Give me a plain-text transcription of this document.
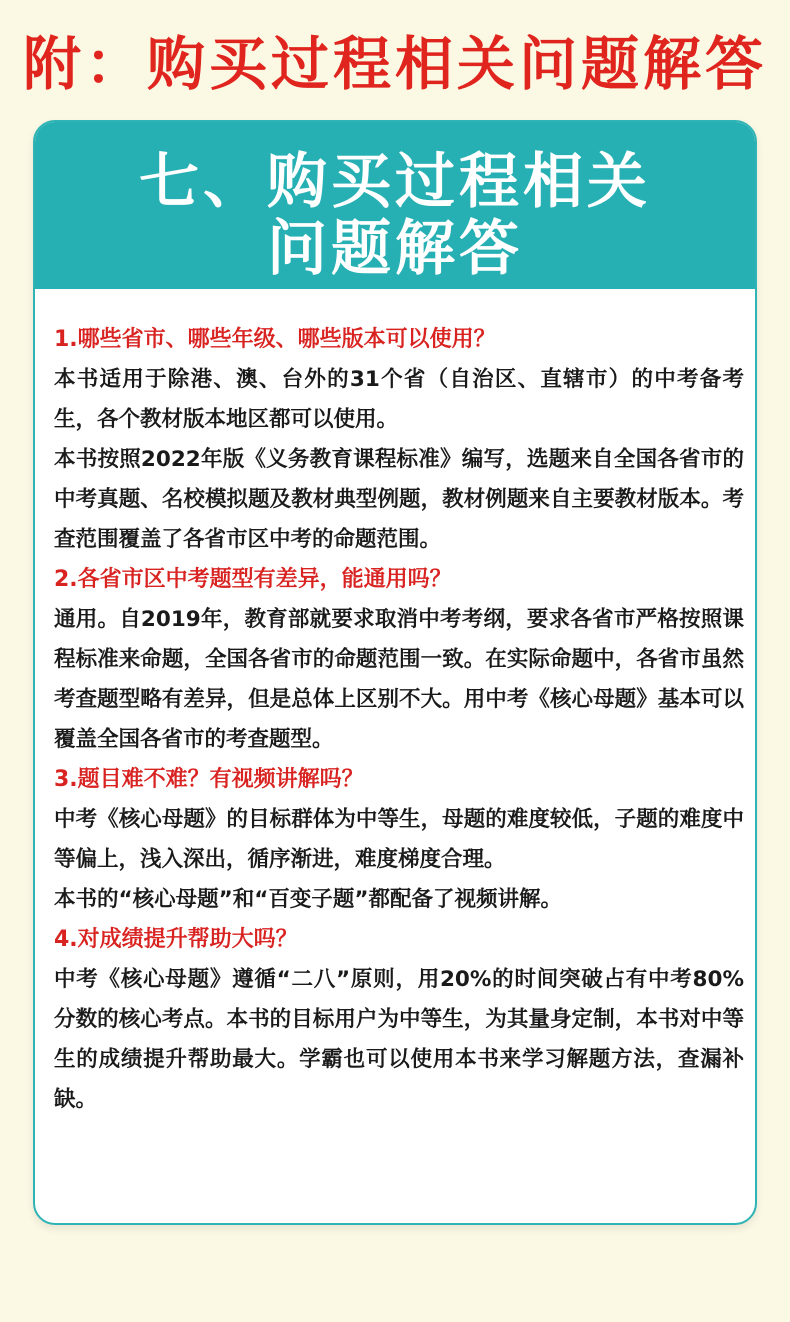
附：购买过程相关问题解答
七、购买过程相关
问题解答
1.哪些省市、哪些年级、哪些版本可以使用？
本书适用于除港、澳、台外的31个省（自治区、直辖市）的中考备考生，各个教材版本地区都可以使用。
本书按照2022年版《义务教育课程标准》编写，选题来自全国各省市的中考真题、名校模拟题及教材典型例题，教材例题来自主要教材版本。考查范围覆盖了各省市区中考的命题范围。
2.各省市区中考题型有差异，能通用吗？
通用。自2019年，教育部就要求取消中考考纲，要求各省市严格按照课程标准来命题，全国各省市的命题范围一致。在实际命题中，各省市虽然考查题型略有差异，但是总体上区别不大。用中考《核心母题》基本可以覆盖全国各省市的考查题型。
3.题目难不难？有视频讲解吗？
中考《核心母题》的目标群体为中等生，母题的难度较低，子题的难度中等偏上，浅入深出，循序渐进，难度梯度合理。
本书的“核心母题”和“百变子题”都配备了视频讲解。
4.对成绩提升帮助大吗？
中考《核心母题》遵循“二八”原则，用20%的时间突破占有中考80%分数的核心考点。本书的目标用户为中等生，为其量身定制，本书对中等生的成绩提升帮助最大。学霸也可以使用本书来学习解题方法，查漏补缺。
